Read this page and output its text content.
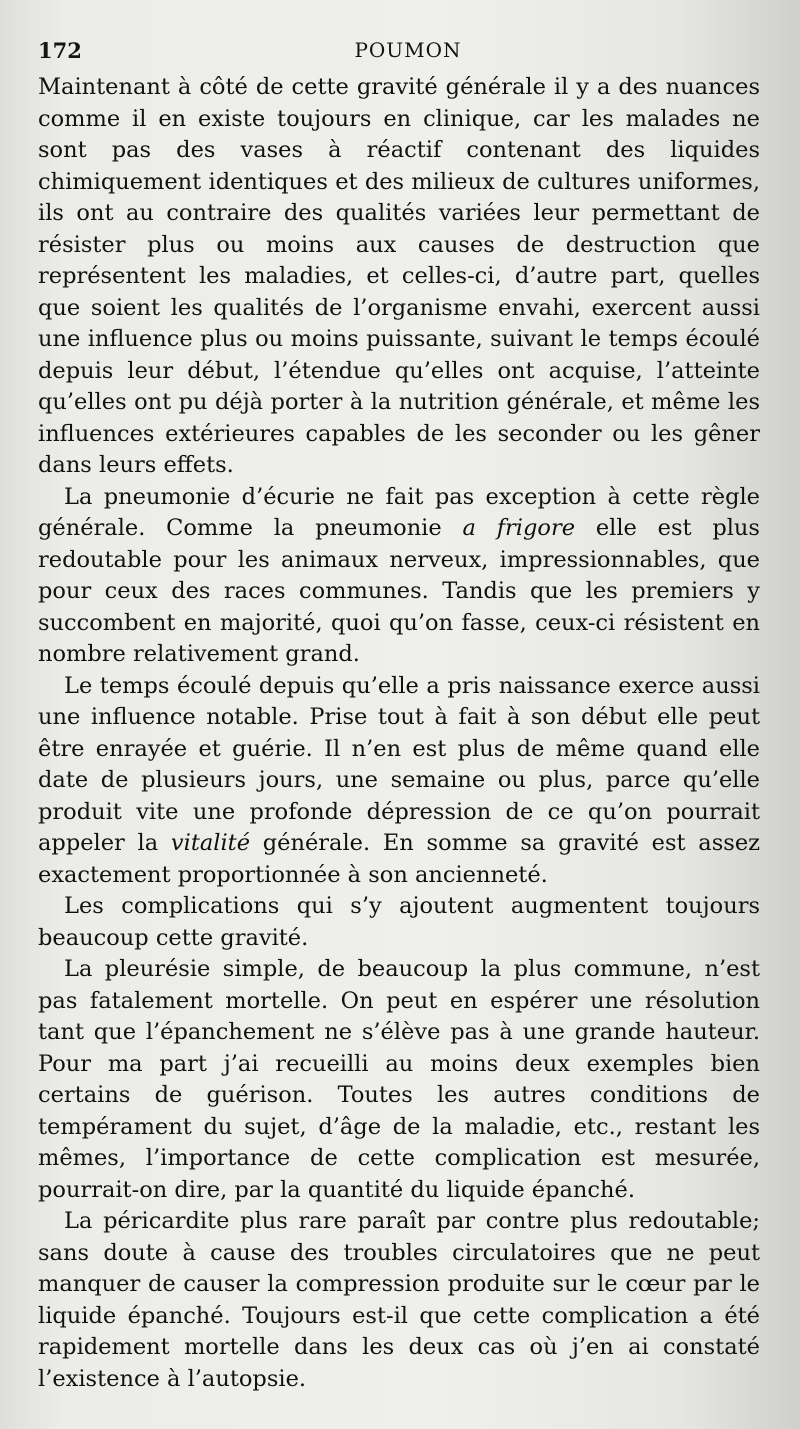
172	POUMON

Maintenant à côté de cette gravité générale il y a des nuances comme il en existe toujours en clinique, car les malades ne sont pas des vases à réactif contenant des liquides chimiquement identiques et des milieux de cultures uniformes, ils ont au contraire des qualités variées leur permettant de résister plus ou moins aux causes de destruction que représentent les maladies, et celles-ci, d’autre part, quelles que soient les qualités de l’organisme envahi, exercent aussi une influence plus ou moins puissante, suivant le temps écoulé depuis leur début, l’étendue qu’elles ont acquise, l’atteinte qu’elles ont pu déjà porter à la nutrition générale, et même les influences extérieures capables de les seconder ou les gêner dans leurs effets.

La pneumonie d’écurie ne fait pas exception à cette règle générale. Comme la pneumonie a frigore elle est plus redoutable pour les animaux nerveux, impressionnables, que pour ceux des races communes. Tandis que les premiers y succombent en majorité, quoi qu’on fasse, ceux-ci résistent en nombre relativement grand.

Le temps écoulé depuis qu’elle a pris naissance exerce aussi une influence notable. Prise tout à fait à son début elle peut être enrayée et guérie. Il n’en est plus de même quand elle date de plusieurs jours, une semaine ou plus, parce qu’elle produit vite une profonde dépression de ce qu’on pourrait appeler la vitalité générale. En somme sa gravité est assez exactement proportionnée à son ancienneté.

Les complications qui s’y ajoutent augmentent toujours beaucoup cette gravité.

La pleurésie simple, de beaucoup la plus commune, n’est pas fatalement mortelle. On peut en espérer une résolution tant que l’épanchement ne s’élève pas à une grande hauteur. Pour ma part j’ai recueilli au moins deux exemples bien certains de guérison. Toutes les autres conditions de tempérament du sujet, d’âge de la maladie, etc., restant les mêmes, l’importance de cette complication est mesurée, pourrait-on dire, par la quantité du liquide épanché.

La péricardite plus rare paraît par contre plus redoutable; sans doute à cause des troubles circulatoires que ne peut manquer de causer la compression produite sur le cœur par le liquide épanché. Toujours est-il que cette complication a été rapidement mortelle dans les deux cas où j’en ai constaté l’existence à l’autopsie.
